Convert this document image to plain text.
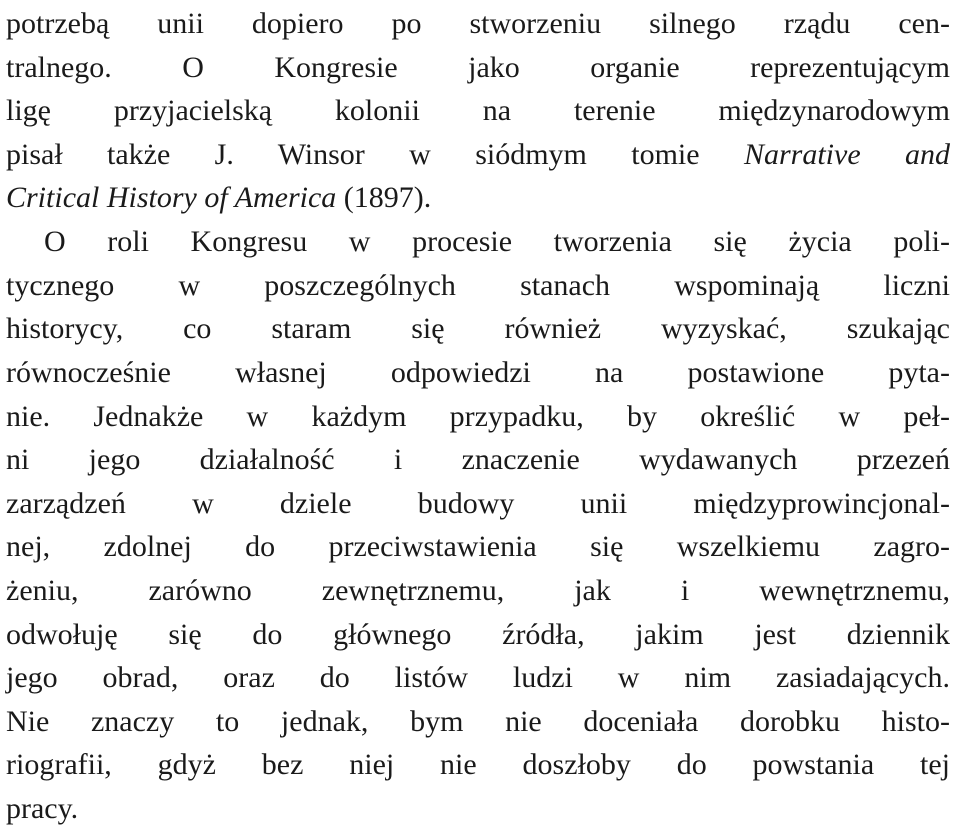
potrzebą unii dopiero po stworzeniu silnego rządu cen-
tralnego. O Kongresie jako organie reprezentującym
ligę przyjacielską kolonii na terenie międzynarodowym
pisał także J. Winsor w siódmym tomie Narrative and
Critical History of America (1897).
O roli Kongresu w procesie tworzenia się życia poli-
tycznego w poszczególnych stanach wspominają liczni
historycy, co staram się również wyzyskać, szukając
równocześnie własnej odpowiedzi na postawione pyta-
nie. Jednakże w każdym przypadku, by określić w peł-
ni jego działalność i znaczenie wydawanych przezeń
zarządzeń w dziele budowy unii międzyprowincjonal-
nej, zdolnej do przeciwstawienia się wszelkiemu zagro-
żeniu, zarówno zewnętrznemu, jak i wewnętrznemu,
odwołuję się do głównego źródła, jakim jest dziennik
jego obrad, oraz do listów ludzi w nim zasiadających.
Nie znaczy to jednak, bym nie doceniała dorobku histo-
riografii, gdyż bez niej nie doszłoby do powstania tej
pracy.
